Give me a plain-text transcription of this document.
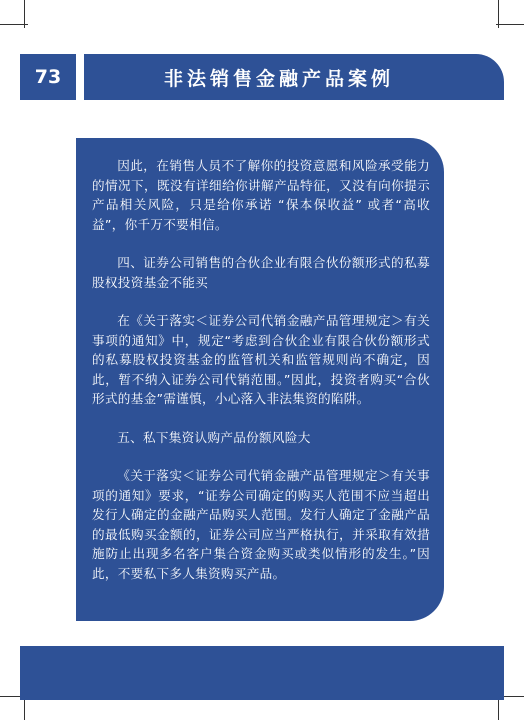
73	非法销售金融产品案例

因此，在销售人员不了解你的投资意愿和风险承受能力的情况下，既没有详细给你讲解产品特征，又没有向你提示产品相关风险，只是给你承诺 “保本保收益” 或者“高收益”，你千万不要相信。

四、证券公司销售的合伙企业有限合伙份额形式的私募股权投资基金不能买

在《关于落实＜证券公司代销金融产品管理规定＞有关事项的通知》中，规定“考虑到合伙企业有限合伙份额形式的私募股权投资基金的监管机关和监管规则尚不确定，因此，暂不纳入证券公司代销范围。”因此，投资者购买“合伙形式的基金”需谨慎，小心落入非法集资的陷阱。

五、私下集资认购产品份额风险大

《关于落实＜证券公司代销金融产品管理规定＞有关事项的通知》要求，“证券公司确定的购买人范围不应当超出发行人确定的金融产品购买人范围。发行人确定了金融产品的最低购买金额的，证券公司应当严格执行，并采取有效措施防止出现多名客户集合资金购买或类似情形的发生。”因此，不要私下多人集资购买产品。
